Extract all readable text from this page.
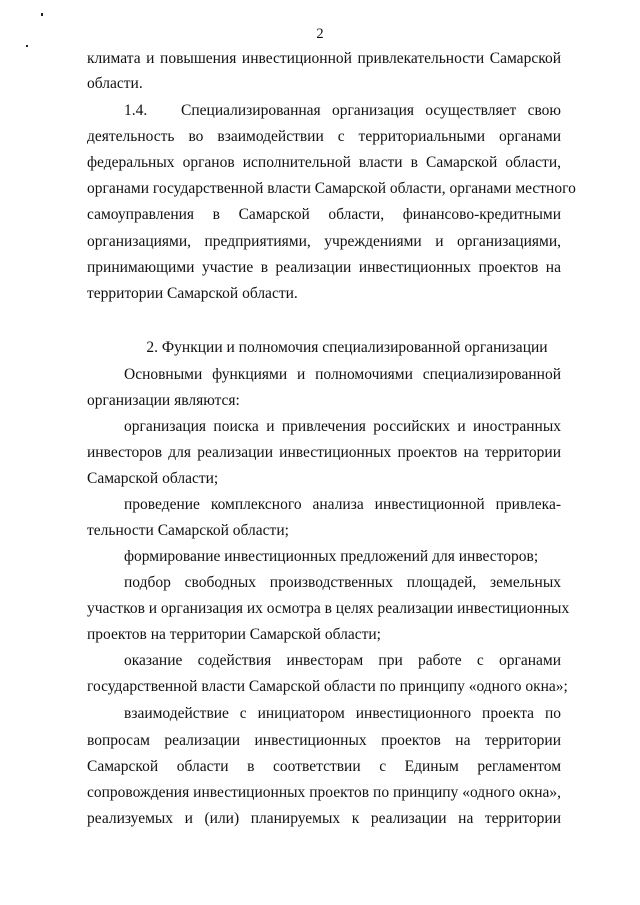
2
климата и повышения инвестиционной привлекательности Самарской
области.
1.4.   Специализированная организация осуществляет свою
деятельность во взаимодействии с территориальными органами
федеральных органов исполнительной власти в Самарской области,
органами государственной власти Самарской области, органами местного
самоуправления в Самарской области, финансово-кредитными
организациями, предприятиями, учреждениями и организациями,
принимающими участие в реализации инвестиционных проектов на
территории Самарской области.
2. Функции и полномочия специализированной организации
Основными функциями и полномочиями специализированной
организации являются:
организация поиска и привлечения российских и иностранных
инвесторов для реализации инвестиционных проектов на территории
Самарской области;
проведение комплексного анализа инвестиционной привлека-
тельности Самарской области;
формирование инвестиционных предложений для инвесторов;
подбор свободных производственных площадей, земельных
участков и организация их осмотра в целях реализации инвестиционных
проектов на территории Самарской области;
оказание содействия инвесторам при работе с органами
государственной власти Самарской области по принципу «одного окна»;
взаимодействие с инициатором инвестиционного проекта по
вопросам реализации инвестиционных проектов на территории
Самарской области в соответствии с Единым регламентом
сопровождения инвестиционных проектов по принципу «одного окна»,
реализуемых и (или) планируемых к реализации на территории
